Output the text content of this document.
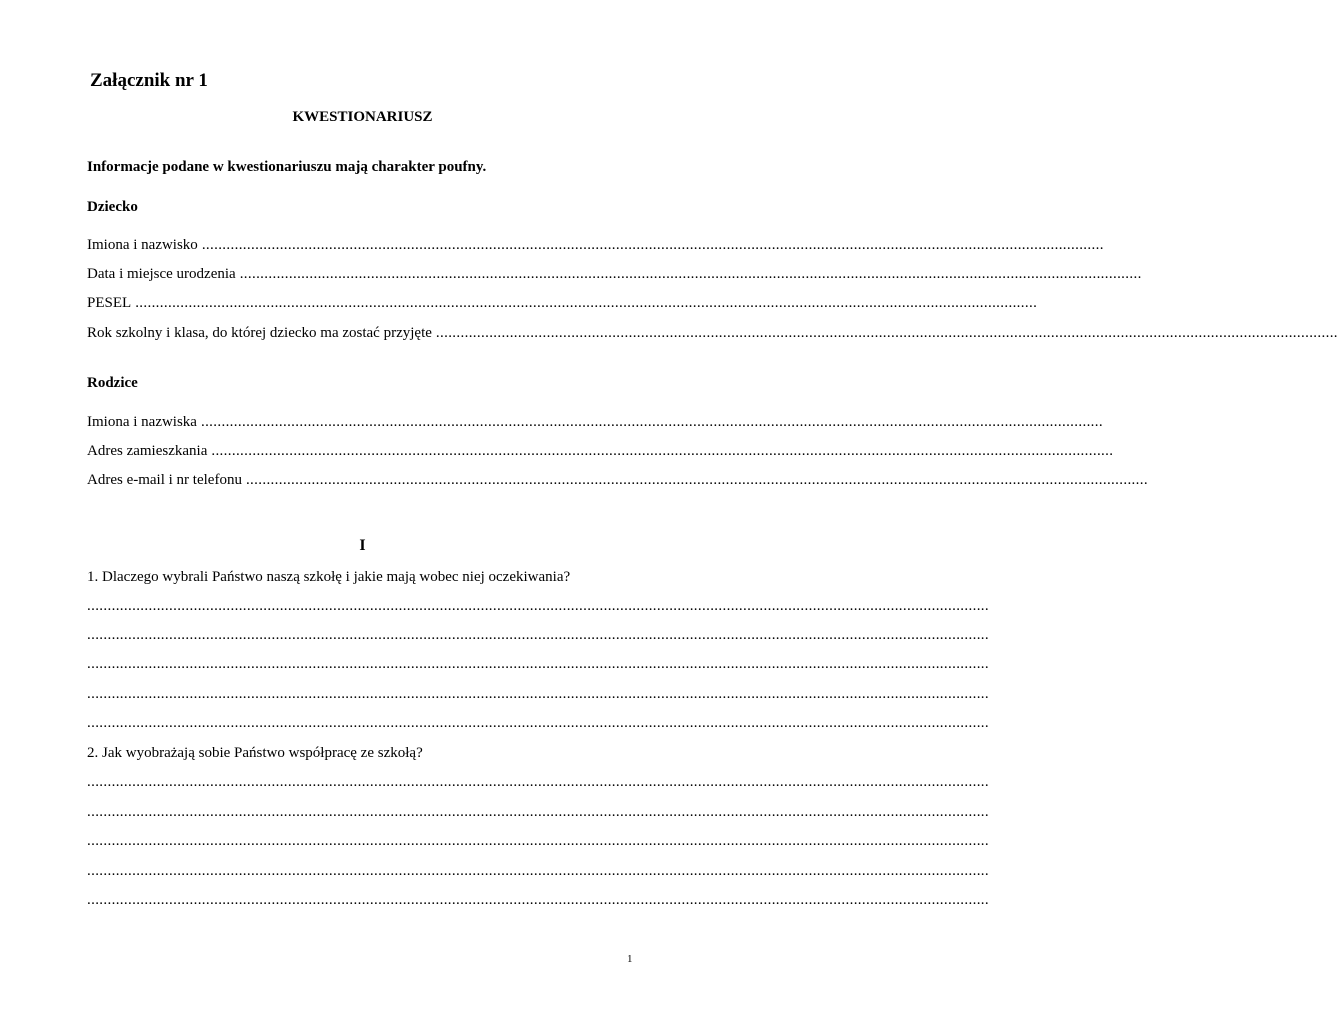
Załącznik nr 1
KWESTIONARIUSZ

Informacje podane w kwestionariuszu mają charakter poufny.

Dziecko

Imiona i nazwisko ............................................................................................................................................................................................................................
Data i miejsce urodzenia ............................................................................................................................................................................................................................
PESEL ............................................................................................................................................................................................................................
Rok szkolny i klasa, do której dziecko ma zostać przyjęte ............................................................................................................................................................................................................................

Rodzice

Imiona i nazwiska ............................................................................................................................................................................................................................
Adres zamieszkania ............................................................................................................................................................................................................................
Adres e-mail i nr telefonu ............................................................................................................................................................................................................................
I

1. Dlaczego wybrali Państwo naszą szkołę i jakie mają wobec niej oczekiwania?

............................................................................................................................................................................................................................
............................................................................................................................................................................................................................
............................................................................................................................................................................................................................
............................................................................................................................................................................................................................
............................................................................................................................................................................................................................

2. Jak wyobrażają sobie Państwo współpracę ze szkołą?

............................................................................................................................................................................................................................
............................................................................................................................................................................................................................
............................................................................................................................................................................................................................
............................................................................................................................................................................................................................
............................................................................................................................................................................................................................
1
